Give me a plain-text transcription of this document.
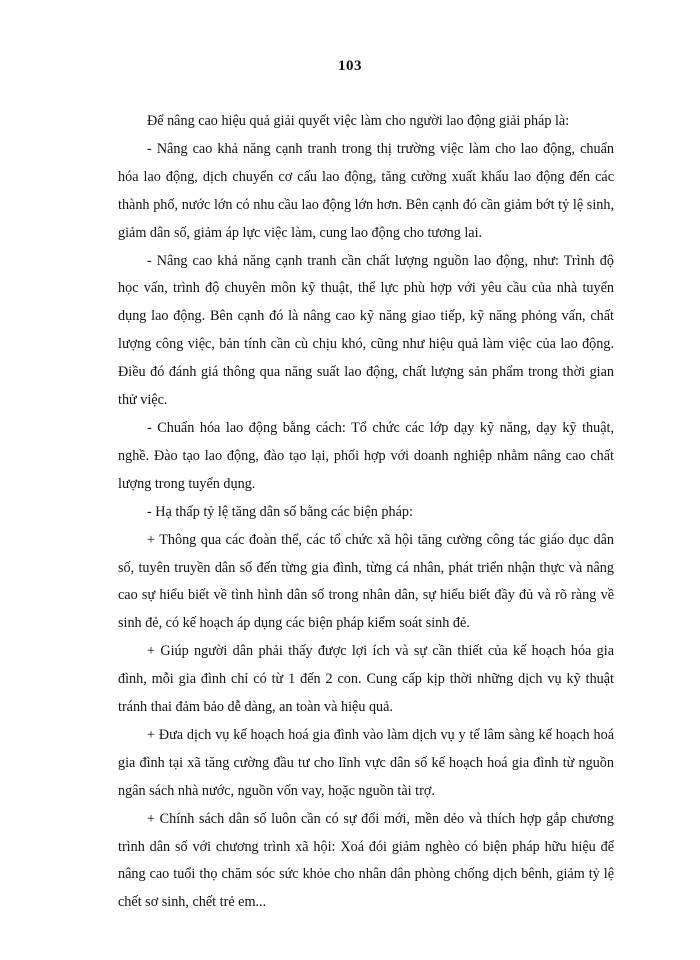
103

Để nâng cao hiệu quả giải quyết việc làm cho người lao động giải pháp là:

- Nâng cao khả năng cạnh tranh trong thị trường việc làm cho lao động, chuẩn hóa lao động, dịch chuyển cơ cấu lao động, tăng cường xuất khẩu lao động đến các thành phố, nước lớn có nhu cầu lao động lớn hơn. Bên cạnh đó cần giảm bớt tỷ lệ sinh, giảm dân số, giảm áp lực việc làm, cung lao động cho tương lai.

- Nâng cao khả năng cạnh tranh cần chất lượng nguồn lao động, như: Trình độ học vấn, trình độ chuyên môn kỹ thuật, thể lực phù hợp với yêu cầu của nhà tuyển dụng lao động. Bên cạnh đó là nâng cao kỹ năng giao tiếp, kỹ năng phỏng vấn, chất lượng công việc, bản tính cần cù chịu khó, cũng như hiệu quả làm việc của lao động. Điều đó đánh giá thông qua năng suất lao động, chất lượng sản phẩm trong thời gian thử việc.

- Chuẩn hóa lao động bằng cách: Tổ chức các lớp dạy kỹ năng, dạy kỹ thuật, nghề. Đào tạo lao động, đào tạo lại, phối hợp với doanh nghiệp nhằm nâng cao chất lượng trong tuyển dụng.

- Hạ thấp tỷ lệ tăng dân số bằng các biện pháp:

+ Thông qua các đoàn thể, các tổ chức xã hội tăng cường công tác giáo dục dân số, tuyên truyền dân số đến từng gia đình, từng cá nhân, phát triển nhận thực và nâng cao sự hiểu biết về tình hình dân số trong nhân dân, sự hiểu biết đầy đủ và rõ ràng về sinh đẻ, có kế hoạch áp dụng các biện pháp kiểm soát sinh đẻ.

+ Giúp người dân phải thấy được lợi ích và sự cần thiết của kế hoạch hóa gia đình, mỗi gia đình chỉ có từ 1 đến 2 con. Cung cấp kịp thời những dịch vụ kỹ thuật tránh thai đảm bảo dễ dàng, an toàn và hiệu quả.

+ Đưa dịch vụ kế hoạch hoá gia đình vào làm dịch vụ y tế lâm sàng kế hoạch hoá gia đình tại xã tăng cường đầu tư cho lĩnh vực dân số kế hoạch hoá gia đình từ nguồn ngân sách nhà nước, nguồn vốn vay, hoặc nguồn tài trợ.

+ Chính sách dân số luôn cần có sự đổi mới, mền dẻo và thích hợp gắp chương trình dân số với chương trình xã hội: Xoá đói giảm nghèo có biện pháp hữu hiệu để nâng cao tuổi thọ chăm sóc sức khỏe cho nhân dân phòng chống dịch bênh, giảm tỷ lệ chết sơ sinh, chết trẻ em...
